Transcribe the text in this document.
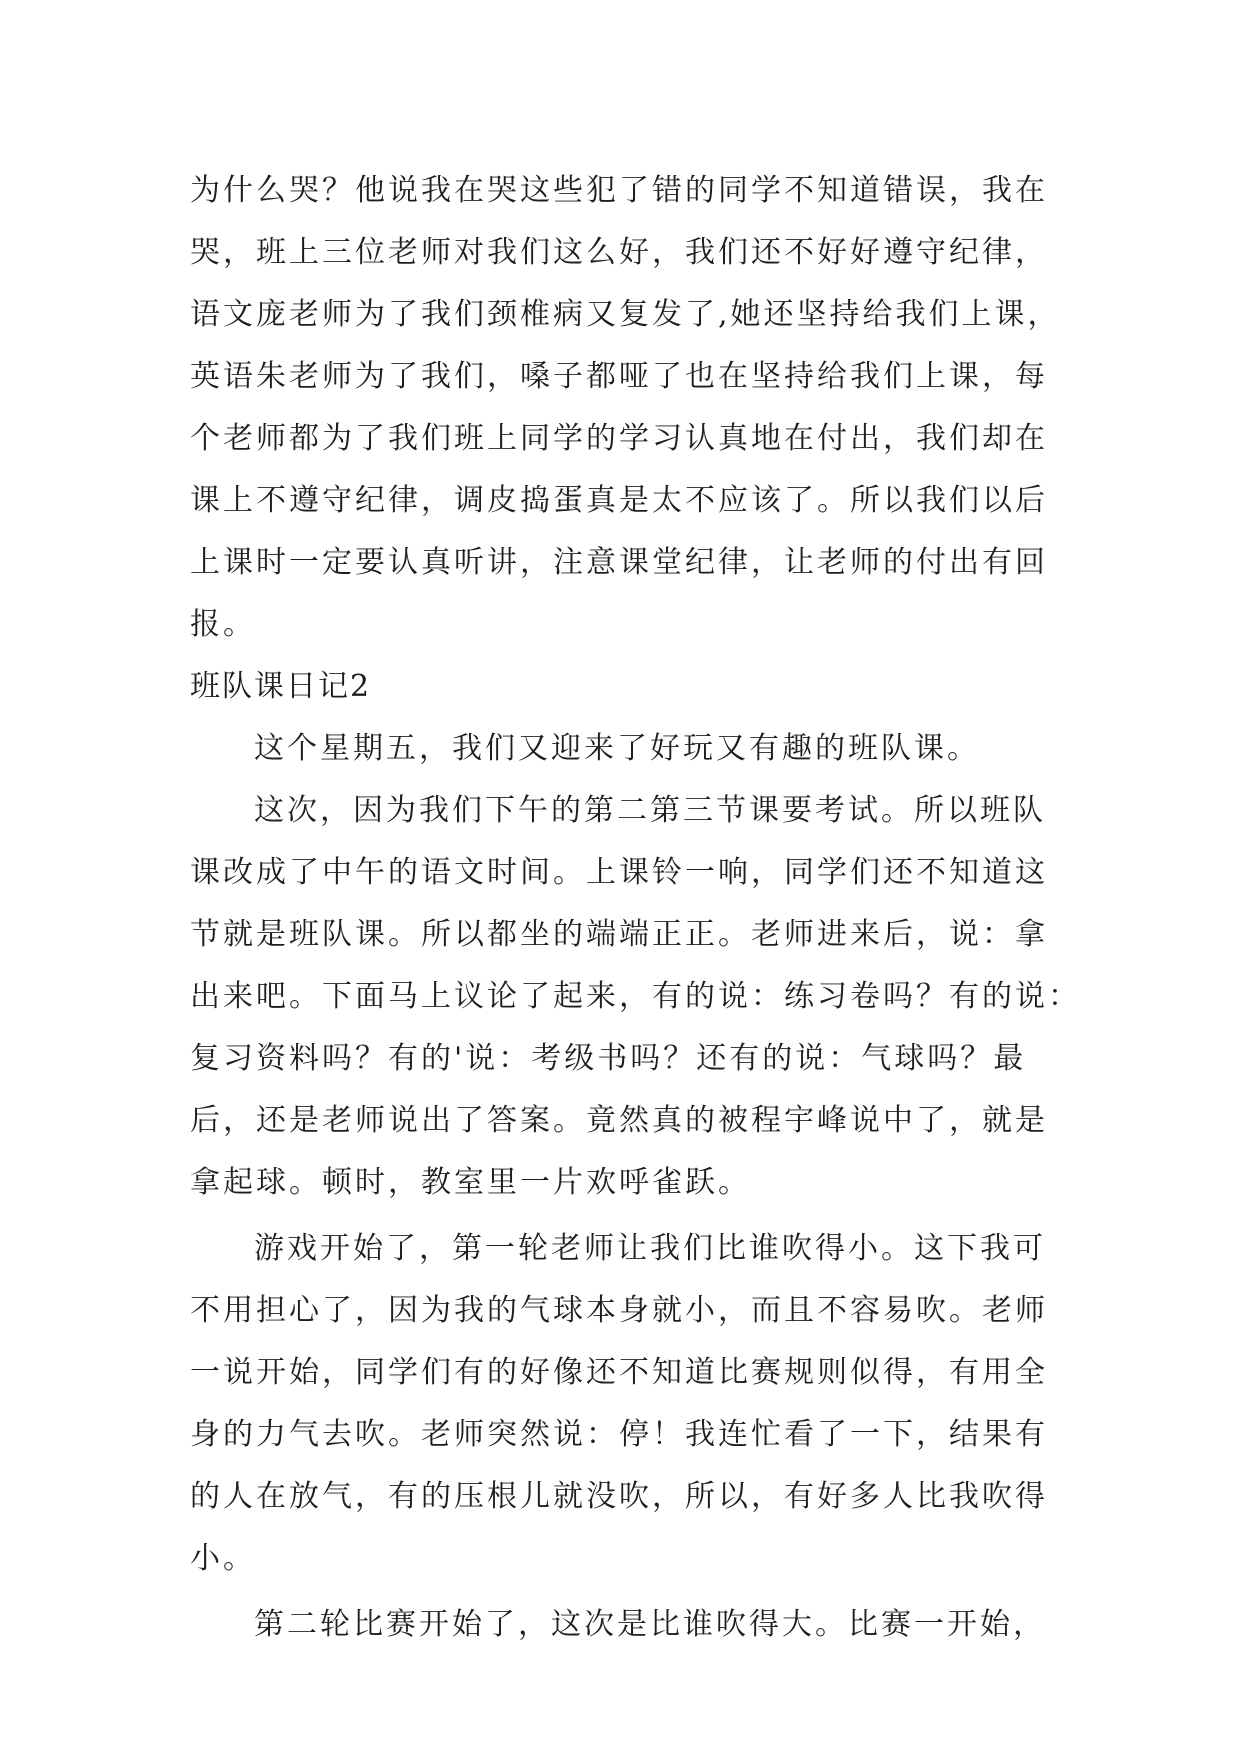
为什么哭？他说我在哭这些犯了错的同学不知道错误，我在
哭，班上三位老师对我们这么好，我们还不好好遵守纪律，
语文庞老师为了我们颈椎病又复发了,她还坚持给我们上课，
英语朱老师为了我们，嗓子都哑了也在坚持给我们上课，每
个老师都为了我们班上同学的学习认真地在付出，我们却在
课上不遵守纪律，调皮捣蛋真是太不应该了。所以我们以后
上课时一定要认真听讲，注意课堂纪律，让老师的付出有回
报。
班队课日记2
这个星期五，我们又迎来了好玩又有趣的班队课。
这次，因为我们下午的第二第三节课要考试。所以班队
课改成了中午的语文时间。上课铃一响，同学们还不知道这
节就是班队课。所以都坐的端端正正。老师进来后，说：拿
出来吧。下面马上议论了起来，有的说：练习卷吗？有的说：
复习资料吗？有的'说：考级书吗？还有的说：气球吗？最
后，还是老师说出了答案。竟然真的被程宇峰说中了，就是
拿起球。顿时，教室里一片欢呼雀跃。
游戏开始了，第一轮老师让我们比谁吹得小。这下我可
不用担心了，因为我的气球本身就小，而且不容易吹。老师
一说开始，同学们有的好像还不知道比赛规则似得，有用全
身的力气去吹。老师突然说：停！我连忙看了一下，结果有
的人在放气，有的压根儿就没吹，所以，有好多人比我吹得
小。
第二轮比赛开始了，这次是比谁吹得大。比赛一开始，
